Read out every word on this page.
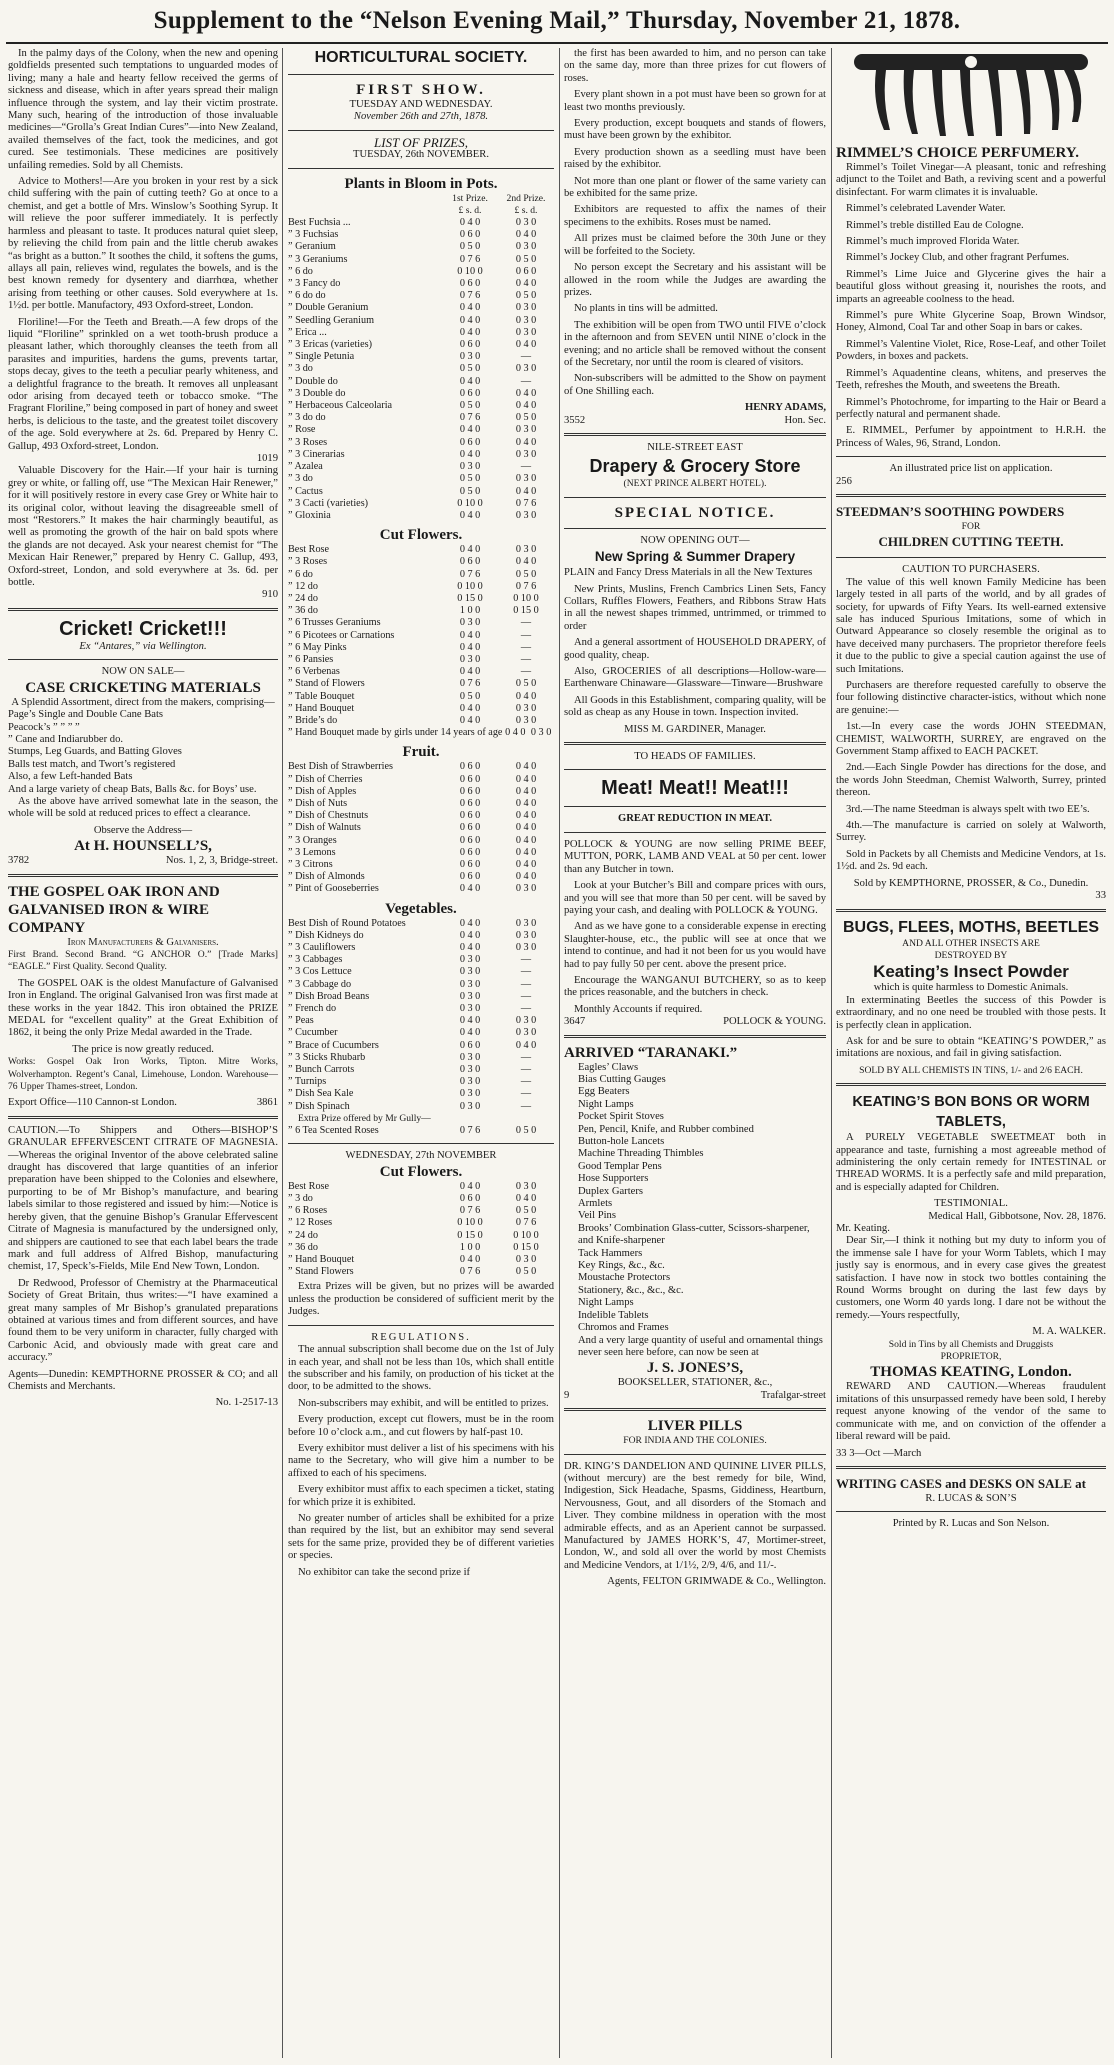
Supplement to the “Nelson Evening Mail,” Thursday, November 21, 1878.

In the palmy days of the Colony, when the new and opening goldfields presented such temptations to unguarded modes of living; many a hale and hearty fellow received the germs of sickness and disease, which in after years spread their malign influence through the system, and lay their victim prostrate. Many such, hearing of the introduction of those invaluable medicines—“Grolla’s Great Indian Cures”—into New Zealand, availed themselves of the fact, took the medicines, and got cured. See testimonials. These medicines are positively unfailing remedies. Sold by all Chemists.

Advice to Mothers!—Are you broken in your rest by a sick child suffering with the pain of cutting teeth? Go at once to a chemist, and get a bottle of Mrs. Winslow’s Soothing Syrup. It will relieve the poor sufferer immediately. It is perfectly harmless and pleasant to taste. It produces natural quiet sleep, by relieving the child from pain and the little cherub awakes “as bright as a button.” It soothes the child, it softens the gums, allays all pain, relieves wind, regulates the bowels, and is the best known remedy for dysentery and diarrhœa, whether arising from teething or other causes. Sold everywhere at 1s. 1½d. per bottle. Manufactory, 493 Oxford-street, London.

Floriline!—For the Teeth and Breath.—A few drops of the liquid “Floriline” sprinkled on a wet tooth-brush produce a pleasant lather, which thoroughly cleanses the teeth from all parasites and impurities, hardens the gums, prevents tartar, stops decay, gives to the teeth a peculiar pearly whiteness, and a delightful fragrance to the breath. It removes all unpleasant odor arising from decayed teeth or tobacco smoke. “The Fragrant Floriline,” being composed in part of honey and sweet herbs, is delicious to the taste, and the greatest toilet discovery of the age. Sold everywhere at 2s. 6d. Prepared by Henry C. Gallup, 493 Oxford-street, London.

1019

Valuable Discovery for the Hair.—If your hair is turning grey or white, or falling off, use “The Mexican Hair Renewer,” for it will positively restore in every case Grey or White hair to its original color, without leaving the disagreeable smell of most “Restorers.” It makes the hair charmingly beautiful, as well as promoting the growth of the hair on bald spots where the glands are not decayed. Ask your nearest chemist for “The Mexican Hair Renewer,” prepared by Henry C. Gallup, 493, Oxford-street, London, and sold everywhere at 3s. 6d. per bottle.

910
Cricket! Cricket!!!
Ex “Antares,” via Wellington.
NOW ON SALE—
CASE CRICKETING MATERIALS
A Splendid Assortment, direct from the makers, comprising—
Page’s Single and Double Cane Bats
Peacock’s ” ” ” ”
” Cane and Indiarubber do.
Stumps, Leg Guards, and Batting Gloves
Balls test match, and Twort’s registered
Also, a few Left-handed Bats
And a large variety of cheap Bats, Balls &c. for Boys’ use.

As the above have arrived somewhat late in the season, the whole will be sold at reduced prices to effect a clearance.

Observe the Address—
At H. HOUNSELL’S,
3782	Nos. 1, 2, 3, Bridge-street.
THE GOSPEL OAK IRON AND GALVANISED IRON & WIRE COMPANY
Iron Manufacturers & Galvanisers.

First Brand. Second Brand. “G ANCHOR O.” [Trade Marks] “EAGLE.” First Quality. Second Quality.

The GOSPEL OAK is the oldest Manufacture of Galvanised Iron in England. The original Galvanised Iron was first made at these works in the year 1842. This iron obtained the PRIZE MEDAL for “excellent quality” at the Great Exhibition of 1862, it being the only Prize Medal awarded in the Trade.

The price is now greatly reduced.

Works: Gospel Oak Iron Works, Tipton. Mitre Works, Wolverhampton. Regent’s Canal, Limehouse, London. Warehouse—76 Upper Thames-street, London.

Export Office—110 Cannon-st London.	3861

CAUTION.—To Shippers and Others—BISHOP’S GRANULAR EFFERVESCENT CITRATE OF MAGNESIA.—Whereas the original Inventor of the above celebrated saline draught has discovered that large quantities of an inferior preparation have been shipped to the Colonies and elsewhere, purporting to be of Mr Bishop’s manufacture, and bearing labels similar to those registered and issued by him:—Notice is hereby given, that the genuine Bishop’s Granular Effervescent Citrate of Magnesia is manufactured by the undersigned only, and shippers are cautioned to see that each label bears the trade mark and full address of Alfred Bishop, manufacturing chemist, 17, Speck’s-Fields, Mile End New Town, London.

Dr Redwood, Professor of Chemistry at the Pharmaceutical Society of Great Britain, thus writes:—“I have examined a great many samples of Mr Bishop’s granulated preparations obtained at various times and from different sources, and have found them to be very uniform in character, fully charged with Carbonic Acid, and obviously made with great care and accuracy.”

Agents—Dunedin: KEMPTHORNE PROSSER & CO; and all Chemists and Merchants.

No. 1-2517-13
HORTICULTURAL SOCIETY.
FIRST SHOW.
TUESDAY AND WEDNESDAY.
November 26th and 27th, 1878.
LIST OF PRIZES,
TUESDAY, 26th NOVEMBER.
Plants in Bloom in Pots.
1st Prize.	2nd Prize.
£ s. d.	£ s. d.
Best Fuchsia ...	0 4 0	0 3 0
” 3 Fuchsias	0 6 0	0 4 0
” Geranium	0 5 0	0 3 0
” 3 Geraniums	0 7 6	0 5 0
” 6 do	0 10 0	0 6 0
” 3 Fancy do	0 6 0	0 4 0
” 6 do do	0 7 6	0 5 0
” Double Geranium	0 4 0	0 3 0
” Seedling Geranium	0 4 0	0 3 0
” Erica ...	0 4 0	0 3 0
” 3 Ericas (varieties)	0 6 0	0 4 0
” Single Petunia	0 3 0	—
” 3 do	0 5 0	0 3 0
” Double do	0 4 0	—
” 3 Double do	0 6 0	0 4 0
” Herbaceous Calceolaria	0 5 0	0 4 0
” 3 do do	0 7 6	0 5 0
” Rose	0 4 0	0 3 0
” 3 Roses	0 6 0	0 4 0
” 3 Cinerarias	0 4 0	0 3 0
” Azalea	0 3 0	—
” 3 do	0 5 0	0 3 0
” Cactus	0 5 0	0 4 0
” 3 Cacti (varieties)	0 10 0	0 7 6
” Gloxinia	0 4 0	0 3 0
Cut Flowers.
Best Rose	0 4 0	0 3 0
” 3 Roses	0 6 0	0 4 0
” 6 do	0 7 6	0 5 0
” 12 do	0 10 0	0 7 6
” 24 do	0 15 0	0 10 0
” 36 do	1 0 0	0 15 0
” 6 Trusses Geraniums	0 3 0	—
” 6 Picotees or Carnations	0 4 0	—
” 6 May Pinks	0 4 0	—
” 6 Pansies	0 3 0	—
” 6 Verbenas	0 4 0	—
” Stand of Flowers	0 7 6	0 5 0
” Table Bouquet	0 5 0	0 4 0
” Hand Bouquet	0 4 0	0 3 0
” Bride’s do	0 4 0	0 3 0
” Hand Bouquet made by girls under 14 years of age 0 4 0 0 3 0
Fruit.
Best Dish of Strawberries	0 6 0	0 4 0
” Dish of Cherries	0 6 0	0 4 0
” Dish of Apples	0 6 0	0 4 0
” Dish of Nuts	0 6 0	0 4 0
” Dish of Chestnuts	0 6 0	0 4 0
” Dish of Walnuts	0 6 0	0 4 0
” 3 Oranges	0 6 0	0 4 0
” 3 Lemons	0 6 0	0 4 0
” 3 Citrons	0 6 0	0 4 0
” Dish of Almonds	0 6 0	0 4 0
” Pint of Gooseberries	0 4 0	0 3 0
Vegetables.
Best Dish of Round Potatoes	0 4 0	0 3 0
” Dish Kidneys do	0 4 0	0 3 0
” 3 Cauliflowers	0 4 0	0 3 0
” 3 Cabbages	0 3 0	—
” 3 Cos Lettuce	0 3 0	—
” 3 Cabbage do	0 3 0	—
” Dish Broad Beans	0 3 0	—
” French do	0 3 0	—
” Peas	0 4 0	0 3 0
” Cucumber	0 4 0	0 3 0
” Brace of Cucumbers	0 6 0	0 4 0
” 3 Sticks Rhubarb	0 3 0	—
” Bunch Carrots	0 3 0	—
” Turnips	0 3 0	—
” Dish Sea Kale	0 3 0	—
” Dish Spinach	0 3 0	—
Extra Prize offered by Mr Gully—
” 6 Tea Scented Roses	0 7 6	0 5 0
WEDNESDAY, 27th NOVEMBER
Cut Flowers.
Best Rose	0 4 0	0 3 0
” 3 do	0 6 0	0 4 0
” 6 Roses	0 7 6	0 5 0
” 12 Roses	0 10 0	0 7 6
” 24 do	0 15 0	0 10 0
” 36 do	1 0 0	0 15 0
” Hand Bouquet	0 4 0	0 3 0
” Stand Flowers	0 7 6	0 5 0

Extra Prizes will be given, but no prizes will be awarded unless the production be considered of sufficient merit by the Judges.

REGULATIONS.

The annual subscription shall become due on the 1st of July in each year, and shall not be less than 10s, which shall entitle the subscriber and his family, on production of his ticket at the door, to be admitted to the shows.

Non-subscribers may exhibit, and will be entitled to prizes.

Every production, except cut flowers, must be in the room before 10 o’clock a.m., and cut flowers by half-past 10.

Every exhibitor must deliver a list of his specimens with his name to the Secretary, who will give him a number to be affixed to each of his specimens.

Every exhibitor must affix to each specimen a ticket, stating for which prize it is exhibited.

No greater number of articles shall be exhibited for a prize than required by the list, but an exhibitor may send several sets for the same prize, provided they be of different varieties or species.

No exhibitor can take the second prize if

the first has been awarded to him, and no person can take on the same day, more than three prizes for cut flowers of roses.

Every plant shown in a pot must have been so grown for at least two months previously.

Every production, except bouquets and stands of flowers, must have been grown by the exhibitor.

Every production shown as a seedling must have been raised by the exhibitor.

Not more than one plant or flower of the same variety can be exhibited for the same prize.

Exhibitors are requested to affix the names of their specimens to the exhibits. Roses must be named.

All prizes must be claimed before the 30th June or they will be forfeited to the Society.

No person except the Secretary and his assistant will be allowed in the room while the Judges are awarding the prizes.

No plants in tins will be admitted.

The exhibition will be open from TWO until FIVE o’clock in the afternoon and from SEVEN until NINE o’clock in the evening; and no article shall be removed without the consent of the Secretary, nor until the room is cleared of visitors.

Non-subscribers will be admitted to the Show on payment of One Shilling each.

HENRY ADAMS,
3552	Hon. Sec.
NILE-STREET EAST
Drapery & Grocery Store
(NEXT PRINCE ALBERT HOTEL).
SPECIAL NOTICE.
NOW OPENING OUT—
New Spring & Summer Drapery

PLAIN and Fancy Dress Materials in all the New Textures

New Prints, Muslins, French Cambrics Linen Sets, Fancy Collars, Ruffles Flowers, Feathers, and Ribbons Straw Hats in all the newest shapes trimmed, untrimmed, or trimmed to order

And a general assortment of HOUSEHOLD DRAPERY, of good quality, cheap.

Also, GROCERIES of all descriptions—Hollow-ware—Earthenware Chinaware—Glassware—Tinware—Brushware

All Goods in this Establishment, comparing quality, will be sold as cheap as any House in town. Inspection invited.

MISS M. GARDINER, Manager.
TO HEADS OF FAMILIES.
Meat! Meat!! Meat!!!
GREAT REDUCTION IN MEAT.

POLLOCK & YOUNG are now selling PRIME BEEF, MUTTON, PORK, LAMB AND VEAL at 50 per cent. lower than any Butcher in town.

Look at your Butcher’s Bill and compare prices with ours, and you will see that more than 50 per cent. will be saved by paying your cash, and dealing with POLLOCK & YOUNG.

And as we have gone to a considerable expense in erecting Slaughter-house, etc., the public will see at once that we intend to continue, and had it not been for us you would have had to pay fully 50 per cent. above the present price.

Encourage the WANGANUI BUTCHERY, so as to keep the prices reasonable, and the butchers in check.

Monthly Accounts if required.
3647	POLLOCK & YOUNG.
ARRIVED “TARANAKI.”
Eagles’ Claws
Bias Cutting Gauges
Egg Beaters
Night Lamps
Pocket Spirit Stoves
Pen, Pencil, Knife, and Rubber combined
Button-hole Lancets
Machine Threading Thimbles
Good Templar Pens
Hose Supporters
Duplex Garters
Armlets
Veil Pins
Brooks’ Combination Glass-cutter, Scissors-sharpener, and Knife-sharpener
Tack Hammers
Key Rings, &c., &c.
Moustache Protectors
Stationery, &c., &c., &c.
Night Lamps
Indelible Tablets
Chromos and Frames
And a very large quantity of useful and ornamental things never seen here before, can now be seen at
J. S. JONES’S,
BOOKSELLER, STATIONER, &c.,
9	Trafalgar-street
LIVER PILLS
FOR INDIA AND THE COLONIES.

DR. KING’S DANDELION AND QUININE LIVER PILLS, (without mercury) are the best remedy for bile, Wind, Indigestion, Sick Headache, Spasms, Giddiness, Heartburn, Nervousness, Gout, and all disorders of the Stomach and Liver. They combine mildness in operation with the most admirable effects, and as an Aperient cannot be surpassed. Manufactured by JAMES HORK’S, 47, Mortimer-street, London, W., and sold all over the world by most Chemists and Medicine Vendors, at 1/1½, 2/9, 4/6, and 11/-.

Agents, FELTON GRIMWADE & Co., Wellington.
RIMMEL’S CHOICE PERFUMERY.

Rimmel’s Toilet Vinegar—A pleasant, tonic and refreshing adjunct to the Toilet and Bath, a reviving scent and a powerful disinfectant. For warm climates it is invaluable.

Rimmel’s celebrated Lavender Water.

Rimmel’s treble distilled Eau de Cologne.

Rimmel’s much improved Florida Water.

Rimmel’s Jockey Club, and other fragrant Perfumes.

Rimmel’s Lime Juice and Glycerine gives the hair a beautiful gloss without greasing it, nourishes the roots, and imparts an agreeable coolness to the head.

Rimmel’s pure White Glycerine Soap, Brown Windsor, Honey, Almond, Coal Tar and other Soap in bars or cakes.

Rimmel’s Valentine Violet, Rice, Rose-Leaf, and other Toilet Powders, in boxes and packets.

Rimmel’s Aquadentine cleans, whitens, and preserves the Teeth, refreshes the Mouth, and sweetens the Breath.

Rimmel’s Photochrome, for imparting to the Hair or Beard a perfectly natural and permanent shade.

E. RIMMEL, Perfumer by appointment to H.R.H. the Princess of Wales, 96, Strand, London.

An illustrated price list on application.
256
STEEDMAN’S SOOTHING POWDERS
FOR
CHILDREN CUTTING TEETH.
CAUTION TO PURCHASERS.

The value of this well known Family Medicine has been largely tested in all parts of the world, and by all grades of society, for upwards of Fifty Years. Its well-earned extensive sale has induced Spurious Imitations, some of which in Outward Appearance so closely resemble the original as to have deceived many purchasers. The proprietor therefore feels it due to the public to give a special caution against the use of such Imitations.

Purchasers are therefore requested carefully to observe the four following distinctive character-istics, without which none are genuine:—

1st.—In every case the words JOHN STEEDMAN, CHEMIST, WALWORTH, SURREY, are engraved on the Government Stamp affixed to EACH PACKET.

2nd.—Each Single Powder has directions for the dose, and the words John Steedman, Chemist Walworth, Surrey, printed thereon.

3rd.—The name Steedman is always spelt with two EE’s.

4th.—The manufacture is carried on solely at Walworth, Surrey.

Sold in Packets by all Chemists and Medicine Vendors, at 1s. 1½d. and 2s. 9d each.

Sold by KEMPTHORNE, PROSSER, & Co., Dunedin.
33
BUGS, FLEES, MOTHS, BEETLES
AND ALL OTHER INSECTS ARE
DESTROYED BY
Keating’s Insect Powder
which is quite harmless to Domestic Animals.

In exterminating Beetles the success of this Powder is extraordinary, and no one need be troubled with those pests. It is perfectly clean in application.

Ask for and be sure to obtain “KEATING’S POWDER,” as imitations are noxious, and fail in giving satisfaction.

SOLD BY ALL CHEMISTS IN TINS, 1/- and 2/6 EACH.
KEATING’S BON BONS OR WORM TABLETS,

A PURELY VEGETABLE SWEETMEAT both in appearance and taste, furnishing a most agreeable method of administering the only certain remedy for INTESTINAL or THREAD WORMS. It is a perfectly safe and mild preparation, and is especially adapted for Children.

TESTIMONIAL.
Medical Hall, Gibbotsone, Nov. 28, 1876.
Mr. Keating.

Dear Sir,—I think it nothing but my duty to inform you of the immense sale I have for your Worm Tablets, which I may justly say is enormous, and in every case gives the greatest satisfaction. I have now in stock two bottles containing the Round Worms brought on during the last few days by customers, one Worm 40 yards long. I dare not be without the remedy.—Yours respectfully,

M. A. WALKER.
Sold in Tins by all Chemists and Druggists
PROPRIETOR,
THOMAS KEATING, London.

REWARD AND CAUTION.—Whereas fraudulent imitations of this unsurpassed remedy have been sold, I hereby request anyone knowing of the vendor of the same to communicate with me, and on conviction of the offender a liberal reward will be paid.

33 3—Oct —March
WRITING CASES and DESKS ON SALE at
R. LUCAS & SON’S
Printed by R. Lucas and Son Nelson.
